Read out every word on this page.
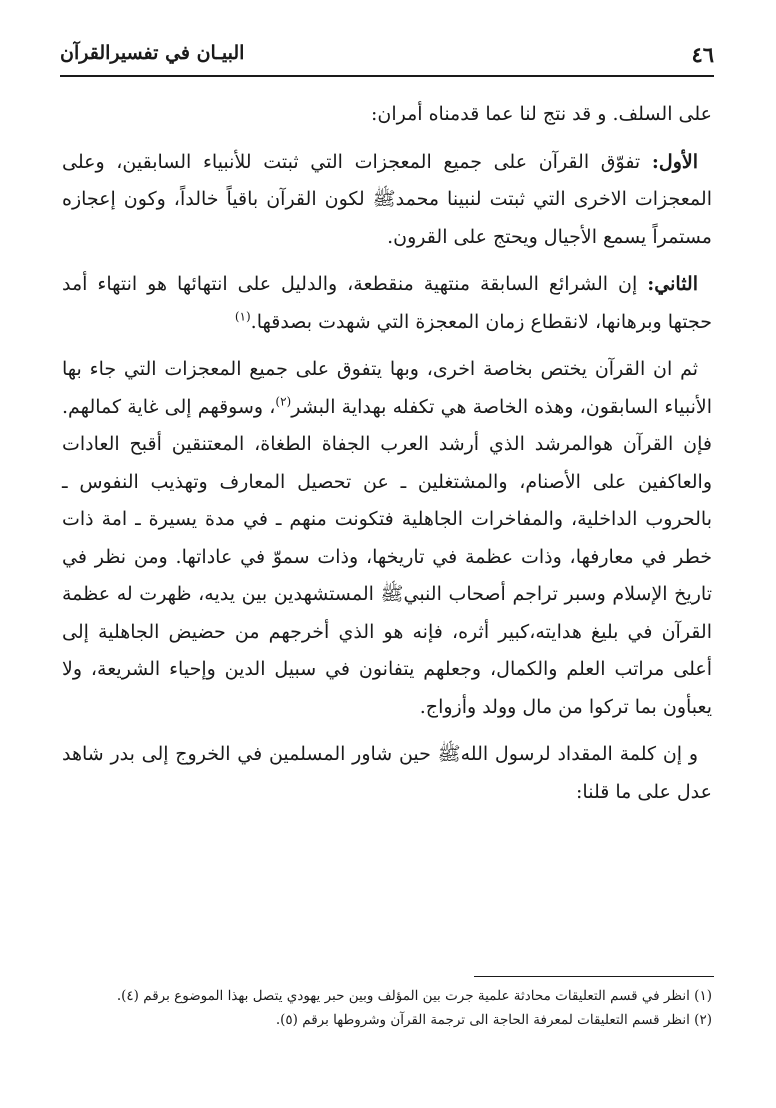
٤٦
البيـان في تفسيرالقرآن

على السلف. و قد نتج لنا عما قدمناه أمران:

الأول: تفوّق القرآن على جميع المعجزات التي ثبتت للأنبياء السابقين، وعلى المعجزات الاخرى التي ثبتت لنبينا محمدﷺ لكون القرآن باقياً خالداً، وكون إعجازه مستمراً يسمع الأجيال ويحتج على القرون.

الثاني: إن الشرائع السابقة منتهية منقطعة، والدليل على انتهائها هو انتهاء أمد حجتها وبرهانها، لانقطاع زمان المعجزة التي شهدت بصدقها.$^{(١)}$

ثم ان القرآن يختص بخاصة اخرى، وبها يتفوق على جميع المعجزات التي جاء بها الأنبياء السابقون، وهذه الخاصة هي تكفله بهداية البشر$^{(٢)}$، وسوقهم إلى غاية كمالهم. فإن القرآن هوالمرشد الذي أرشد العرب الجفاة الطغاة، المعتنقين أقبح العادات والعاكفين على الأصنام، والمشتغلين ـ عن تحصيل المعارف وتهذيب النفوس ـ بالحروب الداخلية، والمفاخرات الجاهلية فتكونت منهم ـ في مدة يسيرة ـ امة ذات خطر في معارفها، وذات عظمة في تاريخها، وذات سموّ في عاداتها. ومن نظر في تاريخ الإسلام وسبر تراجم أصحاب النبيﷺ المستشهدين بين يديه، ظهرت له عظمة القرآن في بليغ هدايته،كبير أثره، فإنه هو الذي أخرجهم من حضيض الجاهلية إلى أعلى مراتب العلم والكمال، وجعلهم يتفانون في سبيل الدين وإحياء الشريعة، ولا يعبأون بما تركوا من مال وولد وأزواج.

و إن كلمة المقداد لرسول اللهﷺ حين شاور المسلمين في الخروج إلى بدر شاهد عدل على ما قلنا:

(١) انظر في قسم التعليقات محادثة علمية جرت بين المؤلف وبين حبر يهودي يتصل بهذا الموضوع برقم (٤).
(٢) انظر قسم التعليقات لمعرفة الحاجة الى ترجمة القرآن وشروطها برقم (٥).
